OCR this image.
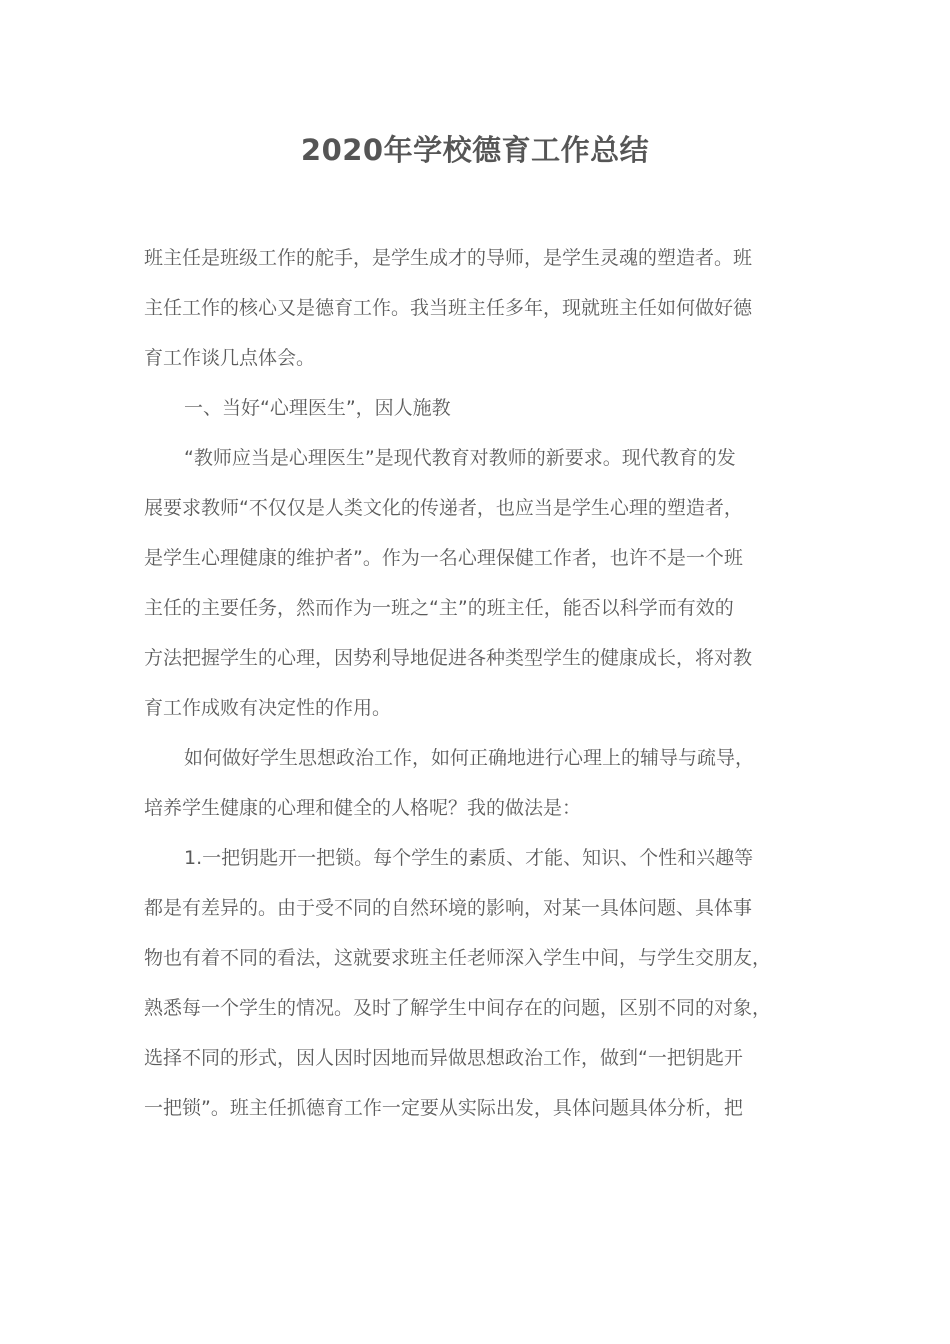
2020年学校德育工作总结
班主任是班级工作的舵手，是学生成才的导师，是学生灵魂的塑造者。班
主任工作的核心又是德育工作。我当班主任多年，现就班主任如何做好德
育工作谈几点体会。
一、当好“心理医生”，因人施教
“教师应当是心理医生”是现代教育对教师的新要求。现代教育的发
展要求教师“不仅仅是人类文化的传递者，也应当是学生心理的塑造者，
是学生心理健康的维护者”。作为一名心理保健工作者，也许不是一个班
主任的主要任务，然而作为一班之“主”的班主任，能否以科学而有效的
方法把握学生的心理，因势利导地促进各种类型学生的健康成长，将对教
育工作成败有决定性的作用。
如何做好学生思想政治工作，如何正确地进行心理上的辅导与疏导，
培养学生健康的心理和健全的人格呢？我的做法是：
1.一把钥匙开一把锁。每个学生的素质、才能、知识、个性和兴趣等
都是有差异的。由于受不同的自然环境的影响，对某一具体问题、具体事
物也有着不同的看法，这就要求班主任老师深入学生中间，与学生交朋友，
熟悉每一个学生的情况。及时了解学生中间存在的问题，区别不同的对象，
选择不同的形式，因人因时因地而异做思想政治工作，做到“一把钥匙开
一把锁”。班主任抓德育工作一定要从实际出发，具体问题具体分析，把
